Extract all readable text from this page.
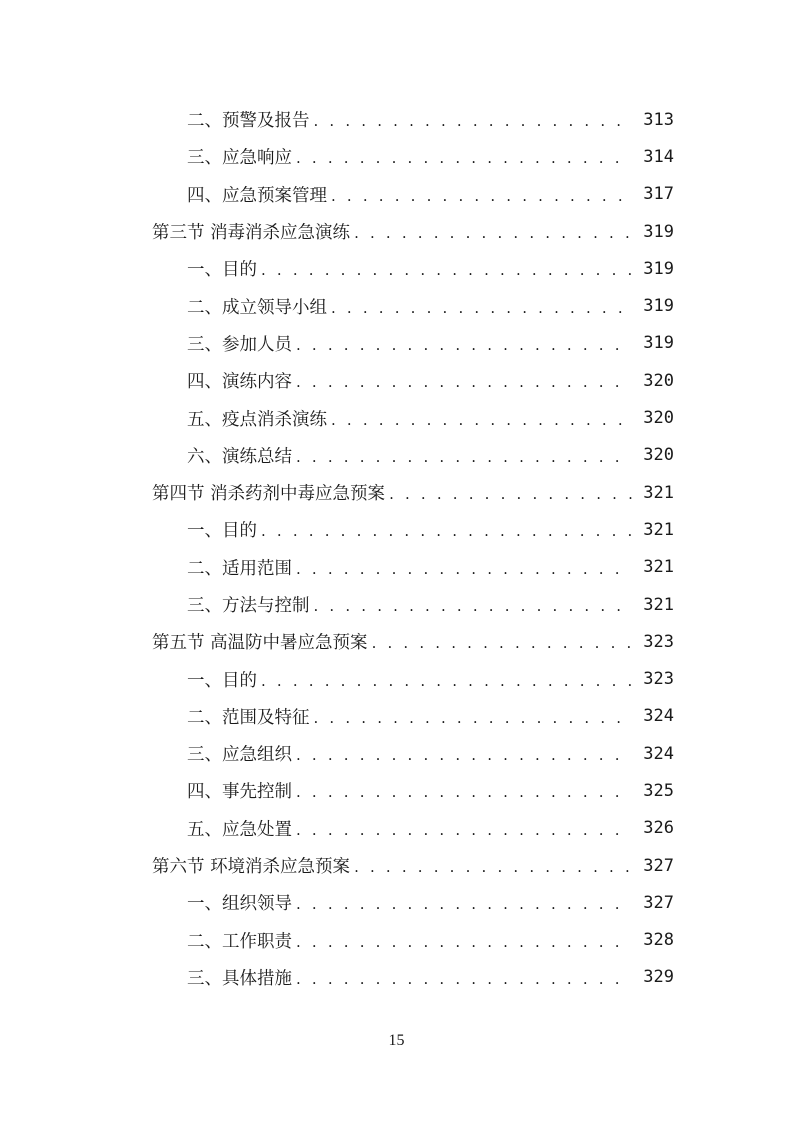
二、预警及报告 . . .	313
三、应急响应 . . .	314
四、应急预案管理 . . .	317
第三节 消毒消杀应急演练 . . .	319
一、目的 . . .	319
二、成立领导小组 . . .	319
三、参加人员 . . .	319
四、演练内容 . . .	320
五、疫点消杀演练 . . .	320
六、演练总结 . . .	320
第四节 消杀药剂中毒应急预案 . . .	321
一、目的 . . .	321
二、适用范围 . . .	321
三、方法与控制 . . .	321
第五节 高温防中暑应急预案 . . .	323
一、目的 . . .	323
二、范围及特征 . . .	324
三、应急组织 . . .	324
四、事先控制 . . .	325
五、应急处置 . . .	326
第六节 环境消杀应急预案 . . .	327
一、组织领导 . . .	327
二、工作职责 . . .	328
三、具体措施 . . .	329
15
